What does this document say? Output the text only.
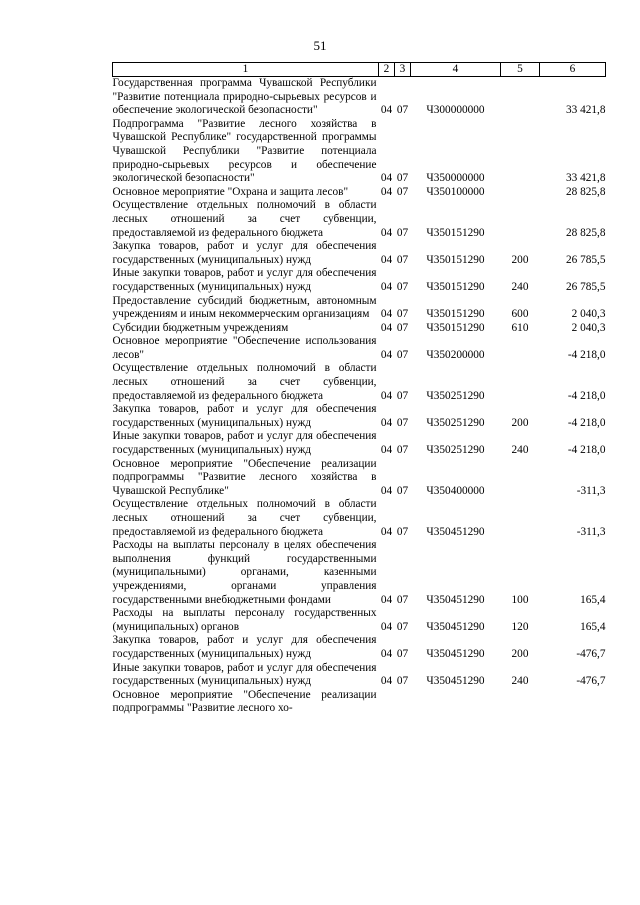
51
1	2	3	4	5	6
Государственная программа Чувашской Республики "Развитие потенциала природно-сырьевых ресурсов и обеспечение экологической безопасности"	04	07	Ч300000000		33 421,8
Подпрограмма "Развитие лесного хозяйства в Чувашской Республике" государственной программы Чувашской Республики "Развитие потенциала природно-сырьевых ресурсов и обеспечение экологической безопасности"	04	07	Ч350000000		33 421,8
Основное мероприятие "Охрана и защита лесов"	04	07	Ч350100000		28 825,8
Осуществление отдельных полномочий в области лесных отношений за счет субвенции, предоставляемой из федерального бюджета	04	07	Ч350151290		28 825,8
Закупка товаров, работ и услуг для обеспечения государственных (муниципальных) нужд	04	07	Ч350151290	200	26 785,5
Иные закупки товаров, работ и услуг для обеспечения государственных (муниципальных) нужд	04	07	Ч350151290	240	26 785,5
Предоставление субсидий бюджетным, автономным учреждениям и иным некоммерческим организациям	04	07	Ч350151290	600	2 040,3
Субсидии бюджетным учреждениям	04	07	Ч350151290	610	2 040,3
Основное мероприятие "Обеспечение использования лесов"	04	07	Ч350200000		-4 218,0
Осуществление отдельных полномочий в области лесных отношений за счет субвенции, предоставляемой из федерального бюджета	04	07	Ч350251290		-4 218,0
Закупка товаров, работ и услуг для обеспечения государственных (муниципальных) нужд	04	07	Ч350251290	200	-4 218,0
Иные закупки товаров, работ и услуг для обеспечения государственных (муниципальных) нужд	04	07	Ч350251290	240	-4 218,0
Основное мероприятие "Обеспечение реализации подпрограммы "Развитие лесного хозяйства в Чувашской Республике"	04	07	Ч350400000		-311,3
Осуществление отдельных полномочий в области лесных отношений за счет субвенции, предоставляемой из федерального бюджета	04	07	Ч350451290		-311,3
Расходы на выплаты персоналу в целях обеспечения выполнения функций государственными (муниципальными) органами, казенными учреждениями, органами управления государственными внебюджетными фондами	04	07	Ч350451290	100	165,4
Расходы на выплаты персоналу государственных (муниципальных) органов	04	07	Ч350451290	120	165,4
Закупка товаров, работ и услуг для обеспечения государственных (муниципальных) нужд	04	07	Ч350451290	200	-476,7
Иные закупки товаров, работ и услуг для обеспечения государственных (муниципальных) нужд	04	07	Ч350451290	240	-476,7
Основное мероприятие "Обеспечение реализации подпрограммы "Развитие лесного хо-					
